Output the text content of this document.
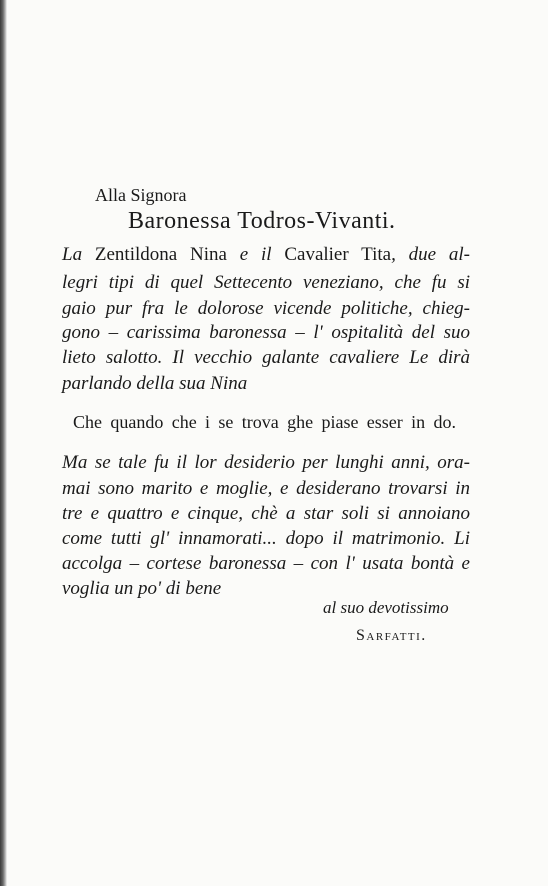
Alla Signora
Baronessa Todros-Vivanti.
La Zentildona Nina e il Cavalier Tita, due al-
legri tipi di quel Settecento veneziano, che fu si
gaio pur fra le dolorose vicende politiche, chieg-
gono – carissima baronessa – l' ospitalità del suo
lieto salotto. Il vecchio galante cavaliere Le dirà
parlando della sua Nina
Che quando che i se trova ghe piase esser in do.
Ma se tale fu il lor desiderio per lunghi anni, ora-
mai sono marito e moglie, e desiderano trovarsi in
tre e quattro e cinque, chè a star soli si annoiano
come tutti gl' innamorati... dopo il matrimonio. Li
accolga – cortese baronessa – con l' usata bontà e
voglia un po' di bene
al suo devotissimo
Sarfatti.
